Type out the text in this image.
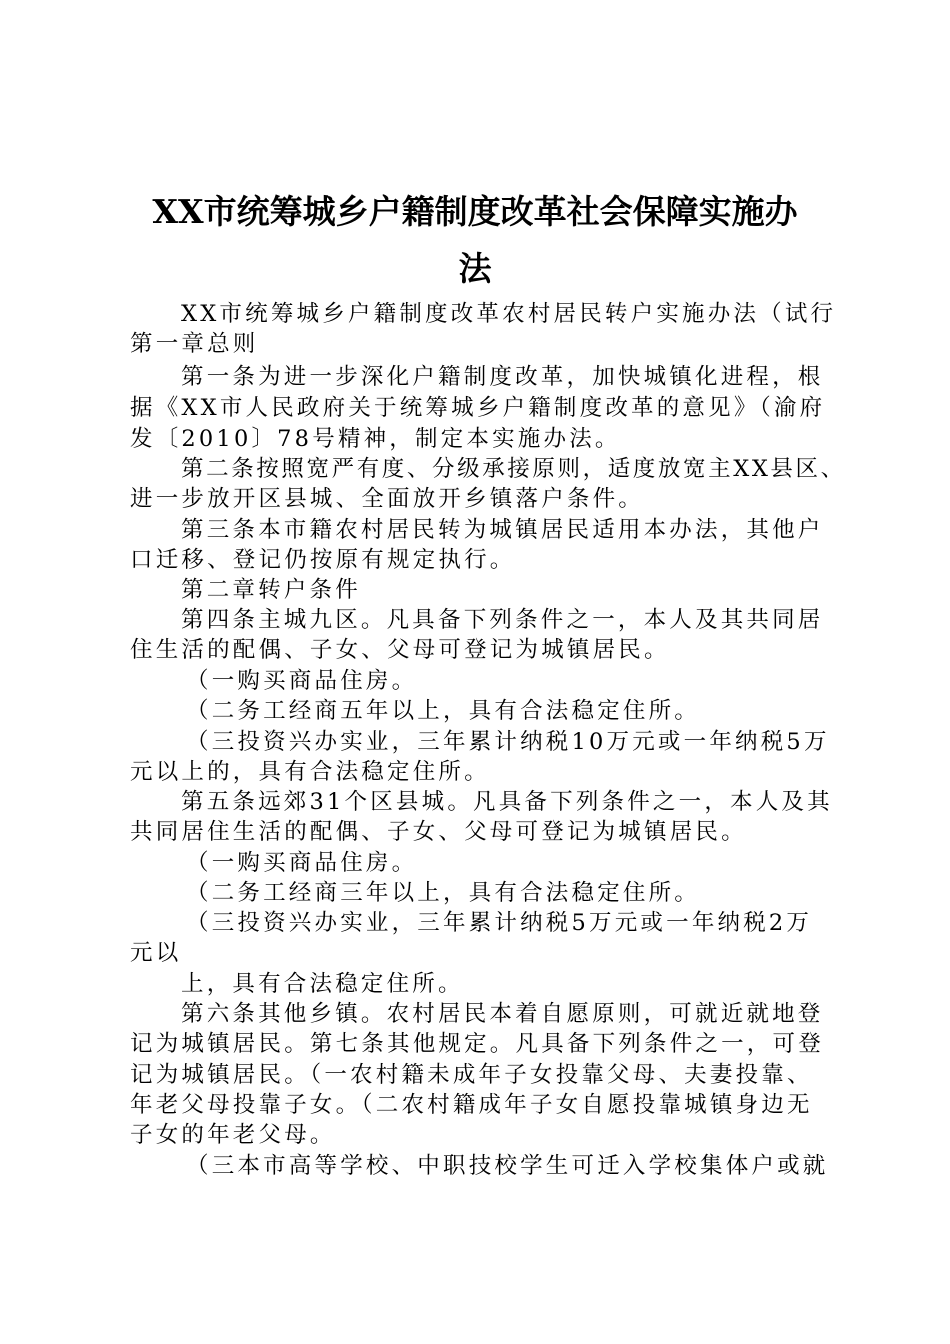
XX市统筹城乡户籍制度改革社会保障实施办
法
XX市统筹城乡户籍制度改革农村居民转户实施办法（试行
第一章总则
第一条为进一步深化户籍制度改革，加快城镇化进程，根
据《XX市人民政府关于统筹城乡户籍制度改革的意见》（渝府
发〔2010〕78号精神，制定本实施办法。
第二条按照宽严有度、分级承接原则，适度放宽主XX县区、
进一步放开区县城、全面放开乡镇落户条件。
第三条本市籍农村居民转为城镇居民适用本办法，其他户
口迁移、登记仍按原有规定执行。
第二章转户条件
第四条主城九区。凡具备下列条件之一，本人及其共同居
住生活的配偶、子女、父母可登记为城镇居民。
（一购买商品住房。
（二务工经商五年以上，具有合法稳定住所。
（三投资兴办实业，三年累计纳税10万元或一年纳税5万
元以上的，具有合法稳定住所。
第五条远郊31个区县城。凡具备下列条件之一，本人及其
共同居住生活的配偶、子女、父母可登记为城镇居民。
（一购买商品住房。
（二务工经商三年以上，具有合法稳定住所。
（三投资兴办实业，三年累计纳税5万元或一年纳税2万
元以
上，具有合法稳定住所。
第六条其他乡镇。农村居民本着自愿原则，可就近就地登
记为城镇居民。第七条其他规定。凡具备下列条件之一，可登
记为城镇居民。（一农村籍未成年子女投靠父母、夫妻投靠、
年老父母投靠子女。（二农村籍成年子女自愿投靠城镇身边无
子女的年老父母。
（三本市高等学校、中职技校学生可迁入学校集体户或就
